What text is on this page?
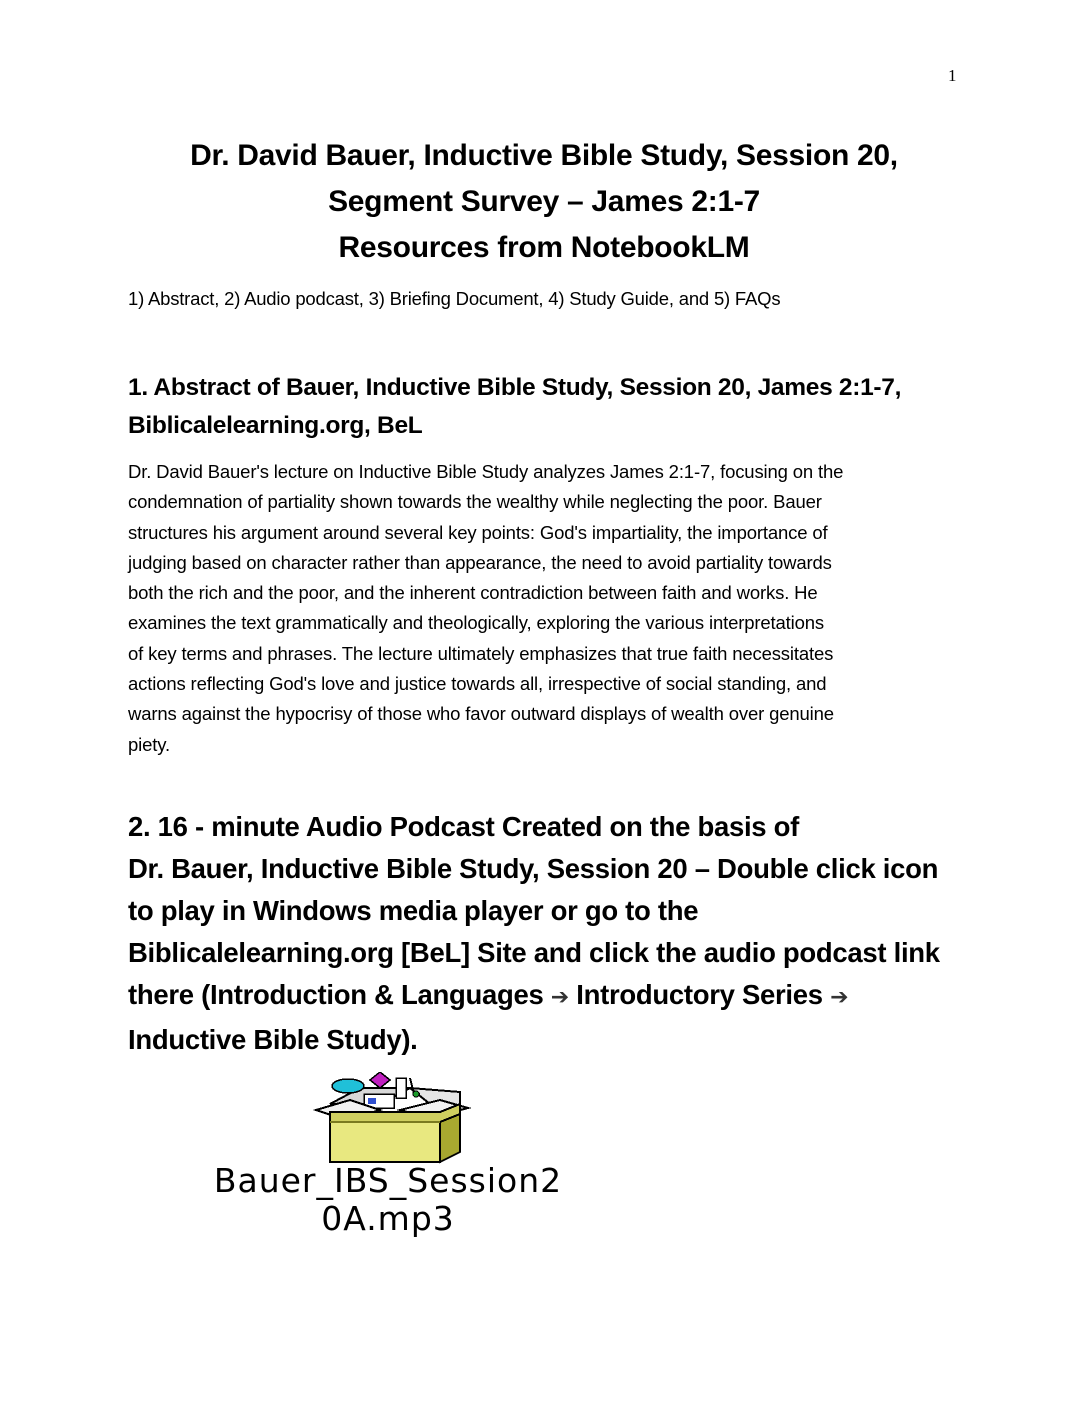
1
Dr. David Bauer, Inductive Bible Study, Session 20,
Segment Survey – James 2:1-7
Resources from NotebookLM
1) Abstract, 2) Audio podcast, 3) Briefing Document, 4) Study Guide, and 5) FAQs
1. Abstract of Bauer, Inductive Bible Study, Session 20, James 2:1-7,
Biblicalelearning.org, BeL
Dr. David Bauer's lecture on Inductive Bible Study analyzes James 2:1-7, focusing on the
condemnation of partiality shown towards the wealthy while neglecting the poor. Bauer
structures his argument around several key points: God's impartiality, the importance of
judging based on character rather than appearance, the need to avoid partiality towards
both the rich and the poor, and the inherent contradiction between faith and works. He
examines the text grammatically and theologically, exploring the various interpretations
of key terms and phrases. The lecture ultimately emphasizes that true faith necessitates
actions reflecting God's love and justice towards all, irrespective of social standing, and
warns against the hypocrisy of those who favor outward displays of wealth over genuine
piety.
2. 16 - minute Audio Podcast Created on the basis of
Dr. Bauer, Inductive Bible Study, Session 20 – Double click icon
to play in Windows media player or go to the
Biblicalelearning.org [BeL] Site and click the audio podcast link
there (Introduction & Languages ➔ Introductory Series ➔
Inductive Bible Study).
Bauer_IBS_Session2
0A.mp3
